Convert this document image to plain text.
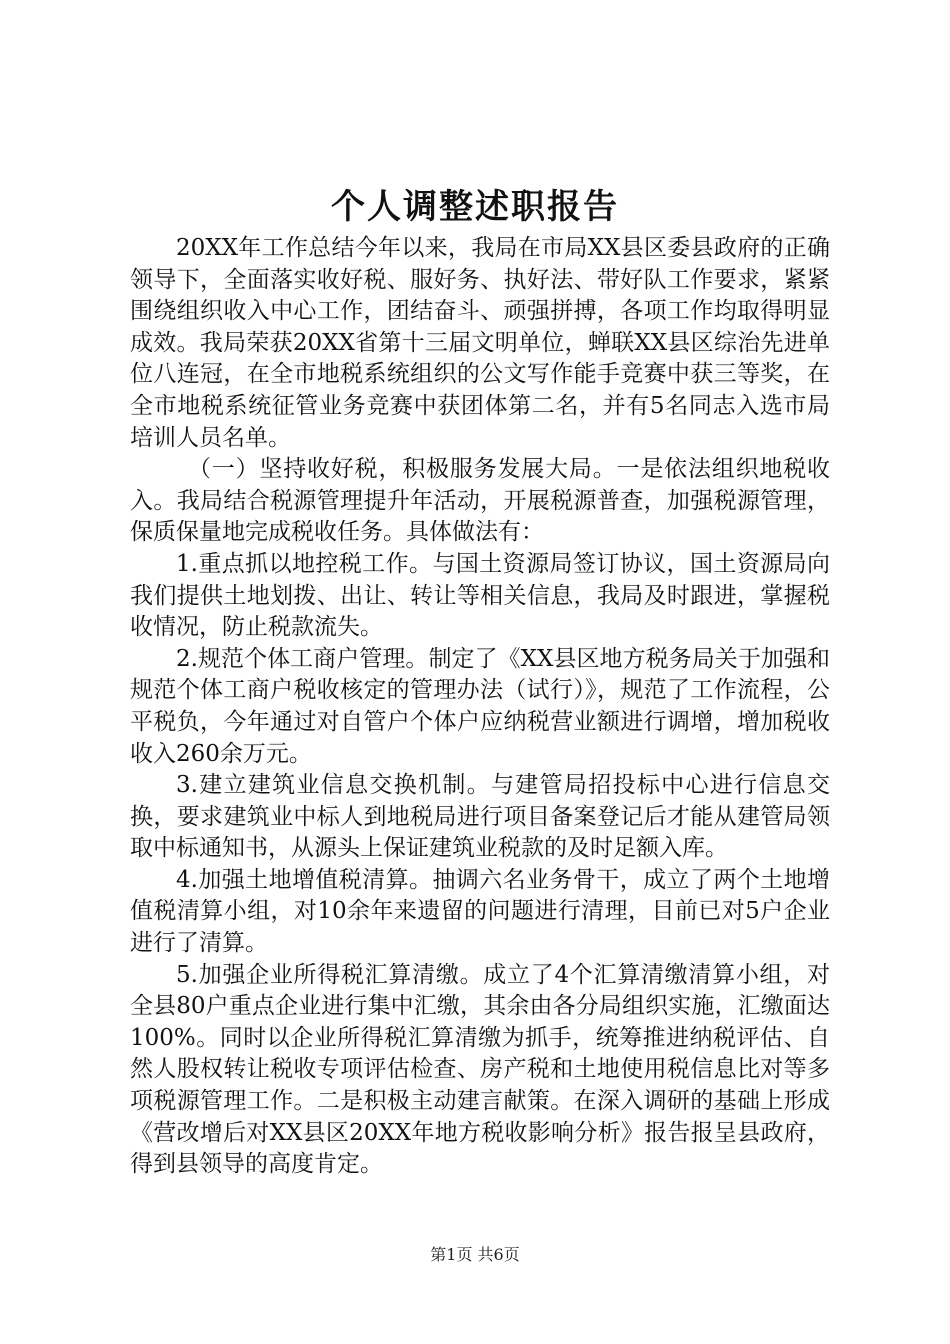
个人调整述职报告

20XX年工作总结今年以来，我局在市局XX县区委县政府的正确领导下，全面落实收好税、服好务、执好法、带好队工作要求，紧紧围绕组织收入中心工作，团结奋斗、顽强拼搏，各项工作均取得明显成效。我局荣获20XX省第十三届文明单位，蝉联XX县区综治先进单位八连冠，在全市地税系统组织的公文写作能手竞赛中获三等奖，在全市地税系统征管业务竞赛中获团体第二名，并有5名同志入选市局培训人员名单。

（一）坚持收好税，积极服务发展大局。一是依法组织地税收入。我局结合税源管理提升年活动，开展税源普查，加强税源管理，保质保量地完成税收任务。具体做法有：

1.重点抓以地控税工作。与国土资源局签订协议，国土资源局向我们提供土地划拨、出让、转让等相关信息，我局及时跟进，掌握税收情况，防止税款流失。

2.规范个体工商户管理。制定了《XX县区地方税务局关于加强和规范个体工商户税收核定的管理办法（试行）》，规范了工作流程，公平税负，今年通过对自管户个体户应纳税营业额进行调增，增加税收收入260余万元。

3.建立建筑业信息交换机制。与建管局招投标中心进行信息交换，要求建筑业中标人到地税局进行项目备案登记后才能从建管局领取中标通知书，从源头上保证建筑业税款的及时足额入库。

4.加强土地增值税清算。抽调六名业务骨干，成立了两个土地增值税清算小组，对10余年来遗留的问题进行清理，目前已对5户企业进行了清算。

5.加强企业所得税汇算清缴。成立了4个汇算清缴清算小组，对全县80户重点企业进行集中汇缴，其余由各分局组织实施，汇缴面达100%。同时以企业所得税汇算清缴为抓手，统筹推进纳税评估、自然人股权转让税收专项评估检查、房产税和土地使用税信息比对等多项税源管理工作。二是积极主动建言献策。在深入调研的基础上形成《营改增后对XX县区20XX年地方税收影响分析》报告报呈县政府，得到县领导的高度肯定。

第1页 共6页
